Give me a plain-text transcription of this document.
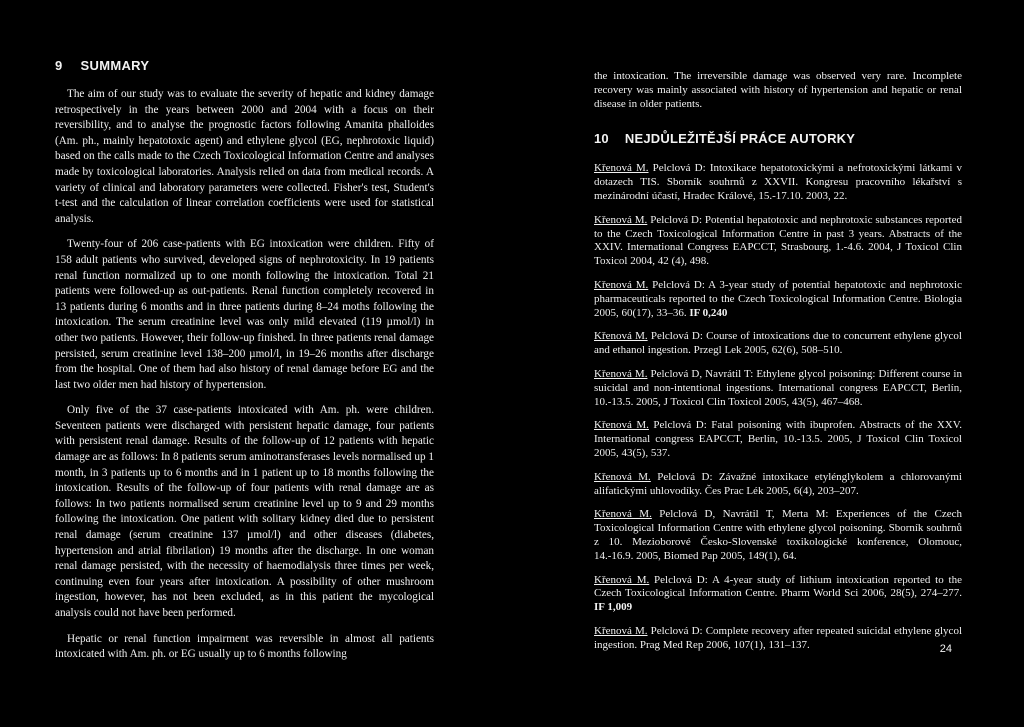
9 SUMMARY

The aim of our study was to evaluate the severity of hepatic and kidney damage retrospectively in the years between 2000 and 2004 with a focus on their reversibility, and to analyse the prognostic factors following Amanita phalloides (Am. ph., mainly hepatotoxic agent) and ethylene glycol (EG, nephrotoxic liquid) based on the calls made to the Czech Toxicological Information Centre and analyses made by toxicological laboratories. Analysis relied on data from medical records. A variety of clinical and laboratory parameters were collected. Fisher's test, Student's t-test and the calculation of linear correlation coefficients were used for statistical analysis.

Twenty-four of 206 case-patients with EG intoxication were children. Fifty of 158 adult patients who survived, developed signs of nephrotoxicity. In 19 patients renal function normalized up to one month following the intoxication. Total 21 patients were followed-up as out-patients. Renal function completely recovered in 13 patients during 6 months and in three patients during 8–24 moths following the intoxication. The serum creatinine level was only mild elevated (119 µmol/l) in other two patients. However, their follow-up finished. In three patients renal damage persisted, serum creatinine level 138–200 µmol/l, in 19–26 months after discharge from the hospital. One of them had also history of renal damage before EG and the last two older men had history of hypertension.

Only five of the 37 case-patients intoxicated with Am. ph. were children. Seventeen patients were discharged with persistent hepatic damage, four patients with persistent renal damage. Results of the follow-up of 12 patients with hepatic damage are as follows: In 8 patients serum aminotransferases levels normalised up 1 month, in 3 patients up to 6 months and in 1 patient up to 18 months following the intoxication. Results of the follow-up of four patients with renal damage are as follows: In two patients normalised serum creatinine level up to 9 and 29 months following the intoxication. One patient with solitary kidney died due to persistent renal damage (serum creatinine 137 µmol/l) and other diseases (diabetes, hypertension and atrial fibrilation) 19 months after the discharge. In one woman renal damage persisted, with the necessity of haemodialysis three times per week, continuing even four years after intoxication. A possibility of other mushroom ingestion, however, has not been excluded, as in this patient the mycological analysis could not have been performed.

Hepatic or renal function impairment was reversible in almost all patients intoxicated with Am. ph. or EG usually up to 6 months following

the intoxication. The irreversible damage was observed very rare. Incomplete recovery was mainly associated with history of hypertension and hepatic or renal disease in older patients.

10 NEJDŮLEŽITĚJŠÍ PRÁCE AUTORKY

Křenová M. Pelclová D: Intoxikace hepatotoxickými a nefrotoxickými látkami v dotazech TIS. Sborník souhrnů z XXVII. Kongresu pracovního lékařství s mezinárodní účastí, Hradec Králové, 15.-17.10. 2003, 22.

Křenová M. Pelclová D: Potential hepatotoxic and nephrotoxic substances reported to the Czech Toxicological Information Centre in past 3 years. Abstracts of the XXIV. International Congress EAPCCT, Strasbourg, 1.-4.6. 2004, J Toxicol Clin Toxicol 2004, 42 (4), 498.

Křenová M. Pelclová D: A 3-year study of potential hepatotoxic and nephrotoxic pharmaceuticals reported to the Czech Toxicological Information Centre. Biologia 2005, 60(17), 33–36. IF 0,240

Křenová M. Pelclová D: Course of intoxications due to concurrent ethylene glycol and ethanol ingestion. Przegl Lek 2005, 62(6), 508–510.

Křenová M. Pelclová D, Navrátil T: Ethylene glycol poisoning: Different course in suicidal and non-intentional ingestions. International congress EAPCCT, Berlín, 10.-13.5. 2005, J Toxicol Clin Toxicol 2005, 43(5), 467–468.

Křenová M. Pelclová D: Fatal poisoning with ibuprofen. Abstracts of the XXV. International congress EAPCCT, Berlín, 10.-13.5. 2005, J Toxicol Clin Toxicol 2005, 43(5), 537.

Křenová M. Pelclová D: Závažné intoxikace etylénglykolem a chlorovanými alifatickými uhlovodíky. Čes Prac Lék 2005, 6(4), 203–207.

Křenová M. Pelclová D, Navrátil T, Merta M: Experiences of the Czech Toxicological Information Centre with ethylene glycol poisoning. Sborník souhrnů z 10. Mezioborové Česko-Slovenské toxikologické konference, Olomouc, 14.-16.9. 2005, Biomed Pap 2005, 149(1), 64.

Křenová M. Pelclová D: A 4-year study of lithium intoxication reported to the Czech Toxicological Information Centre. Pharm World Sci 2006, 28(5), 274–277. IF 1,009

Křenová M. Pelclová D: Complete recovery after repeated suicidal ethylene glycol ingestion. Prag Med Rep 2006, 107(1), 131–137.	24
